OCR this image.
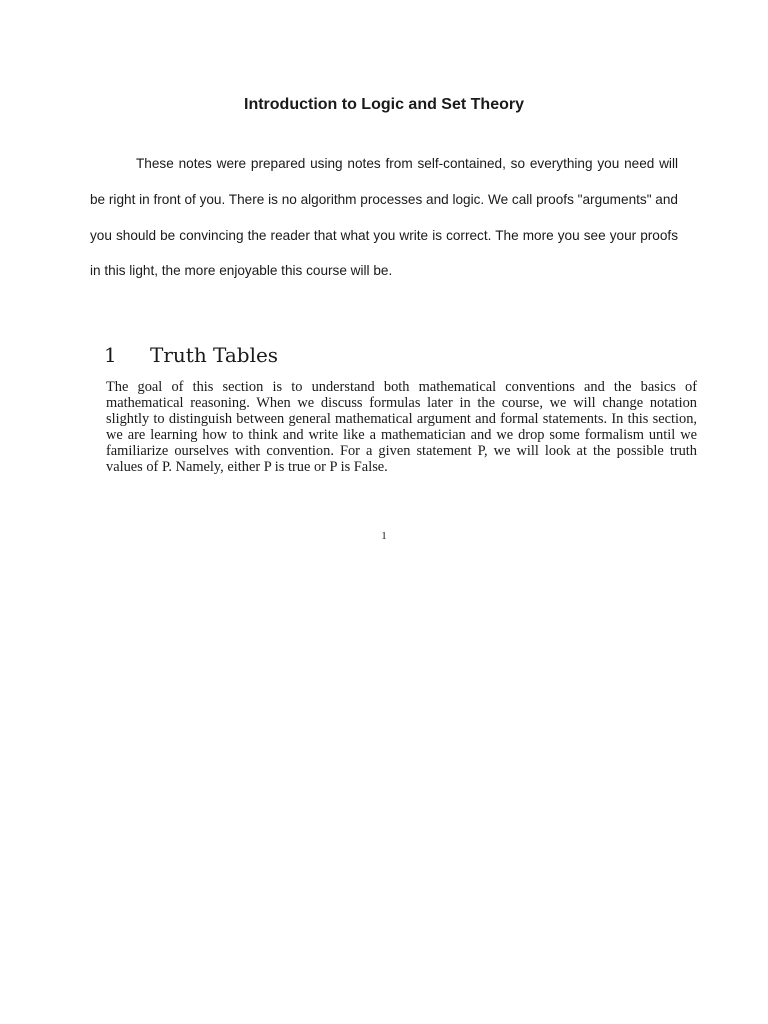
Introduction to Logic and Set Theory

These notes were prepared using notes from self-contained, so everything you need will be right in front of you. There is no algorithm processes and logic. We call proofs "arguments" and you should be convincing the reader that what you write is correct. The more you see your proofs in this light, the more enjoyable this course will be.

1 Truth Tables

The goal of this section is to understand both mathematical conventions and the basics of mathematical reasoning. When we discuss formulas later in the course, we will change notation slightly to distinguish between general mathematical argument and formal statements. In this section, we are learning how to think and write like a mathematician and we drop some formalism until we familiarize ourselves with convention. For a given statement P, we will look at the possible truth values of P. Namely, either P is true or P is False.

1
